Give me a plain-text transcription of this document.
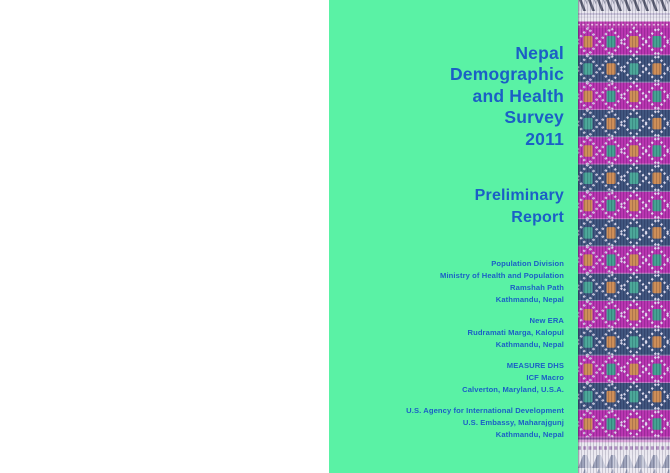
Nepal
Demographic
and Health
Survey
2011
Preliminary
Report
Population Division
Ministry of Health and Population
Ramshah Path
Kathmandu, Nepal
New ERA
Rudramati Marga, Kalopul
Kathmandu, Nepal
MEASURE DHS
ICF Macro
Calverton, Maryland, U.S.A.
U.S. Agency for International Development
U.S. Embassy, Maharajgunj
Kathmandu, Nepal
